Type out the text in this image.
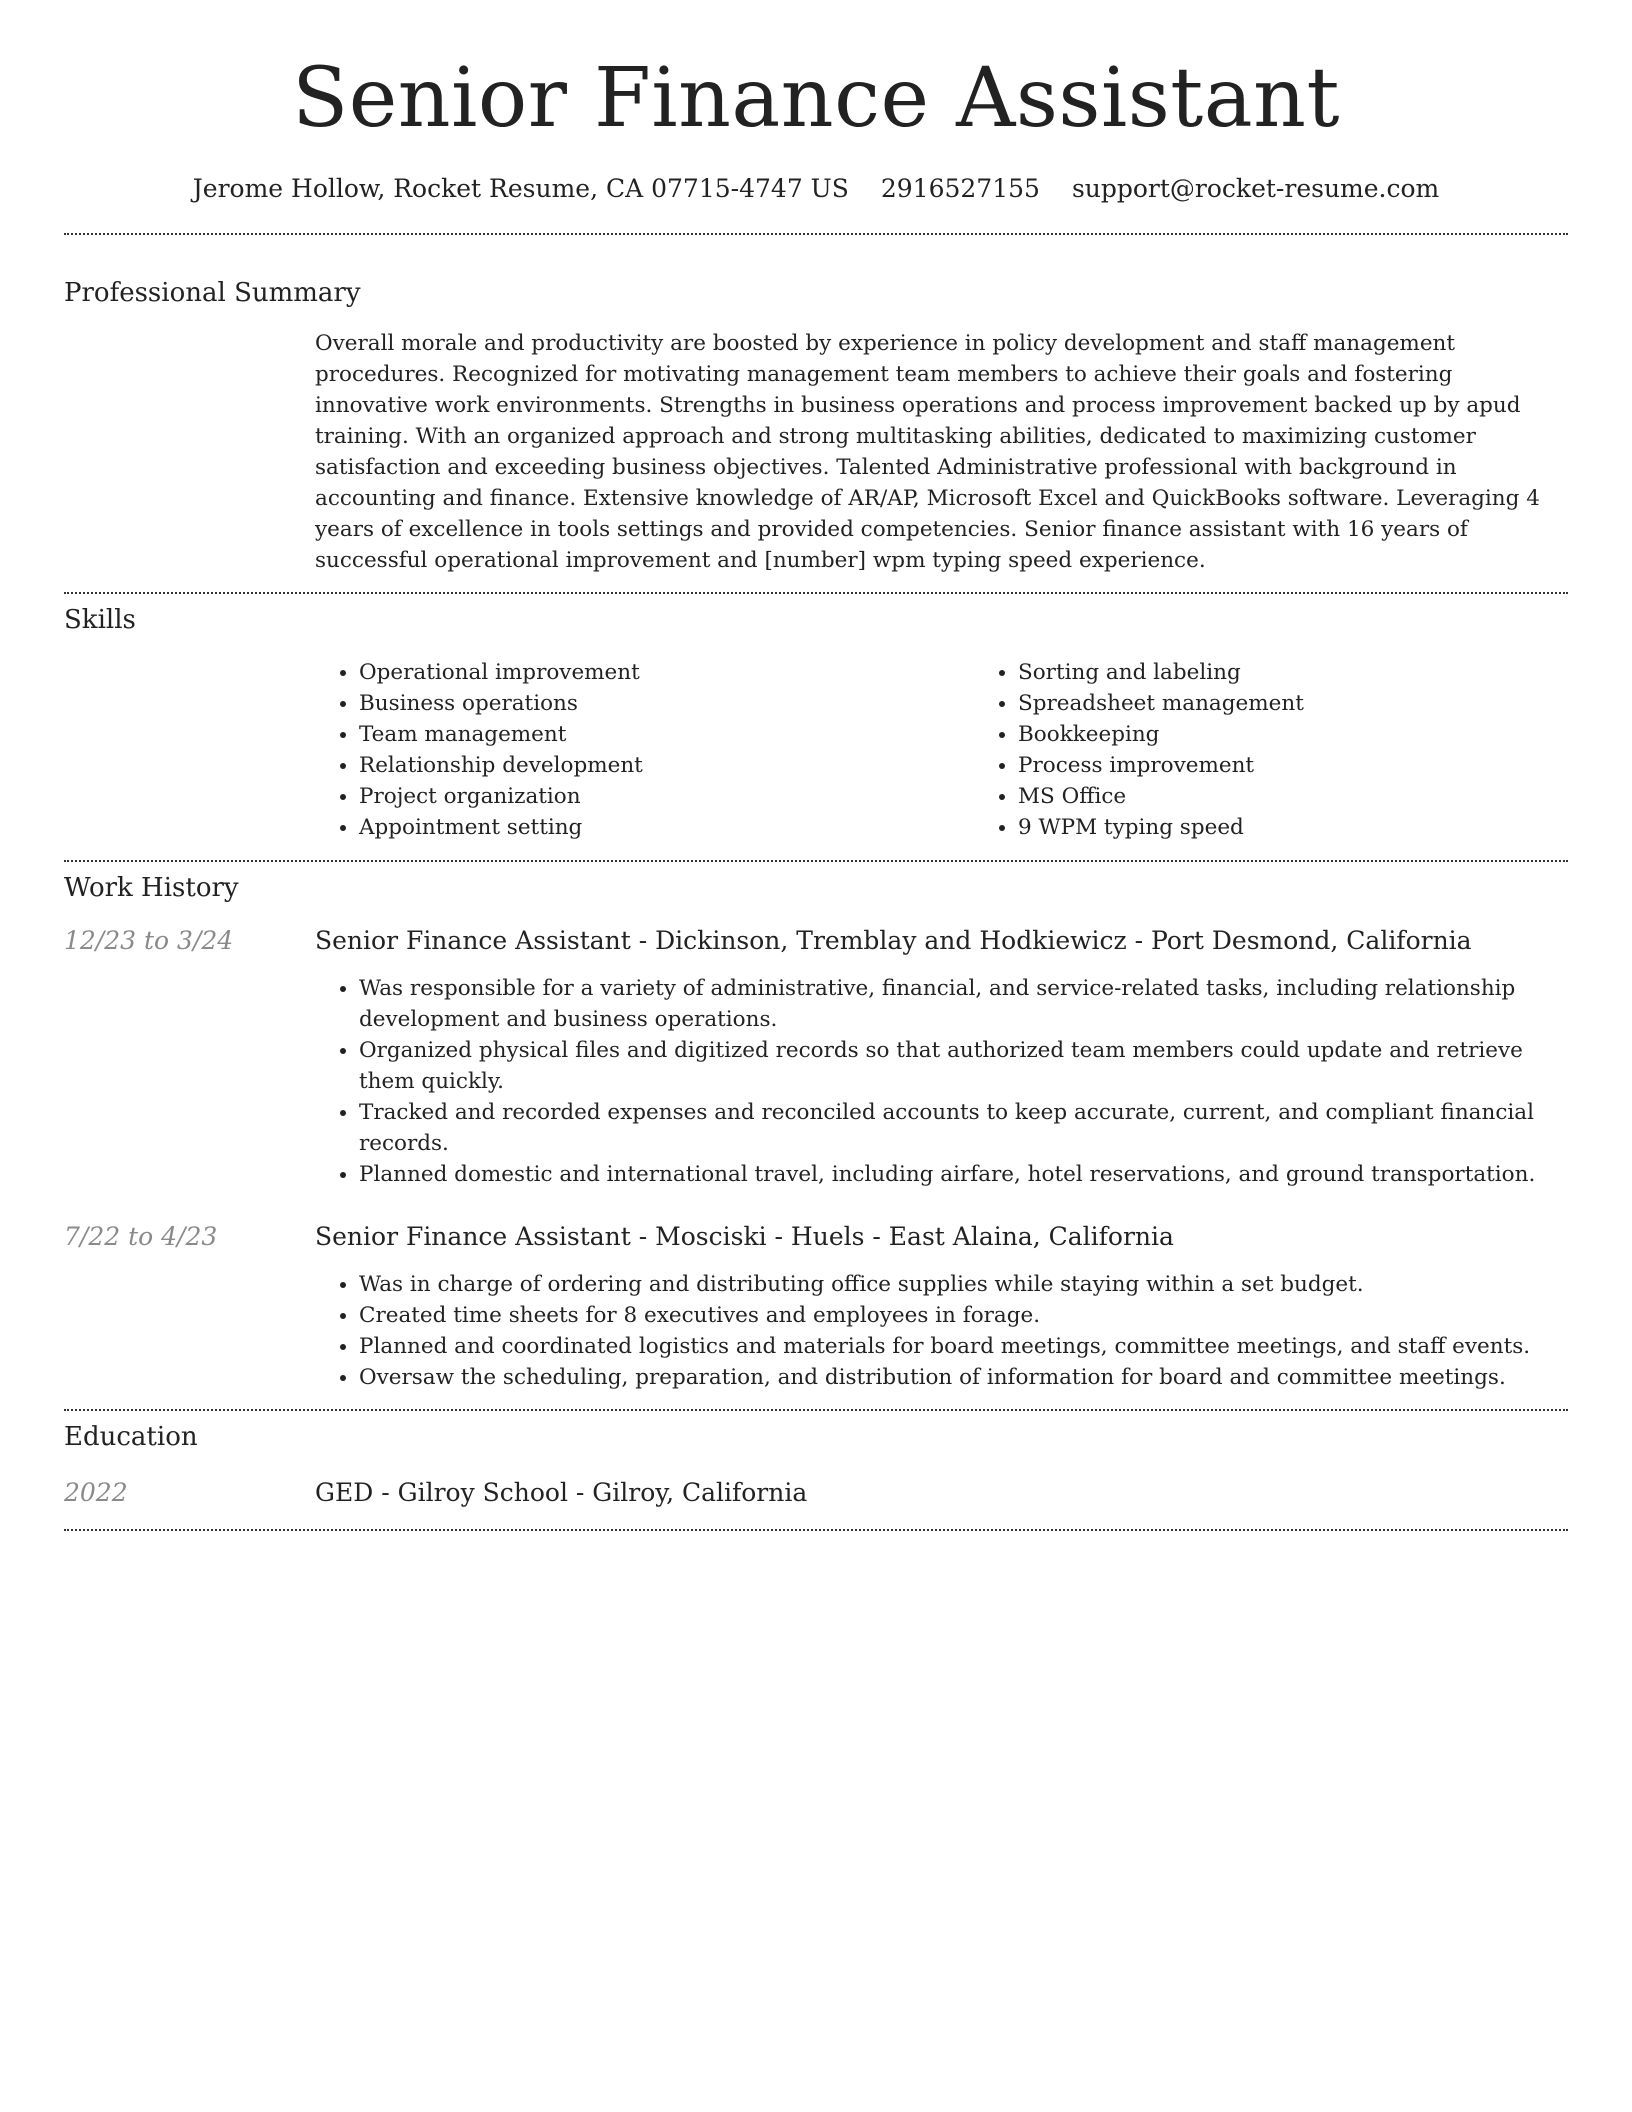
Senior Finance Assistant
Jerome Hollow, Rocket Resume, CA 07715-4747 US 2916527155 support@rocket-resume.com
Professional Summary

Overall morale and productivity are boosted by experience in policy development and staff management procedures. Recognized for motivating management team members to achieve their goals and fostering innovative work environments. Strengths in business operations and process improvement backed up by apud training. With an organized approach and strong multitasking abilities, dedicated to maximizing customer satisfaction and exceeding business objectives. Talented Administrative professional with background in accounting and finance. Extensive knowledge of AR/AP, Microsoft Excel and QuickBooks software. Leveraging 4 years of excellence in tools settings and provided competencies. Senior finance assistant with 16 years of successful operational improvement and [number] wpm typing speed experience.

Skills
• Operational improvement
• Business operations
• Team management
• Relationship development
• Project organization
• Appointment setting
• Sorting and labeling
• Spreadsheet management
• Bookkeeping
• Process improvement
• MS Office
• 9 WPM typing speed
Work History
12/23 to 3/24	Senior Finance Assistant - Dickinson, Tremblay and Hodkiewicz - Port Desmond, California
• Was responsible for a variety of administrative, financial, and service-related tasks, including relationship development and business operations.
• Organized physical files and digitized records so that authorized team members could update and retrieve them quickly.
• Tracked and recorded expenses and reconciled accounts to keep accurate, current, and compliant financial records.
• Planned domestic and international travel, including airfare, hotel reservations, and ground transportation.
7/22 to 4/23	Senior Finance Assistant - Mosciski - Huels - East Alaina, California
• Was in charge of ordering and distributing office supplies while staying within a set budget.
• Created time sheets for 8 executives and employees in forage.
• Planned and coordinated logistics and materials for board meetings, committee meetings, and staff events.
• Oversaw the scheduling, preparation, and distribution of information for board and committee meetings.
Education
2022	GED - Gilroy School - Gilroy, California
